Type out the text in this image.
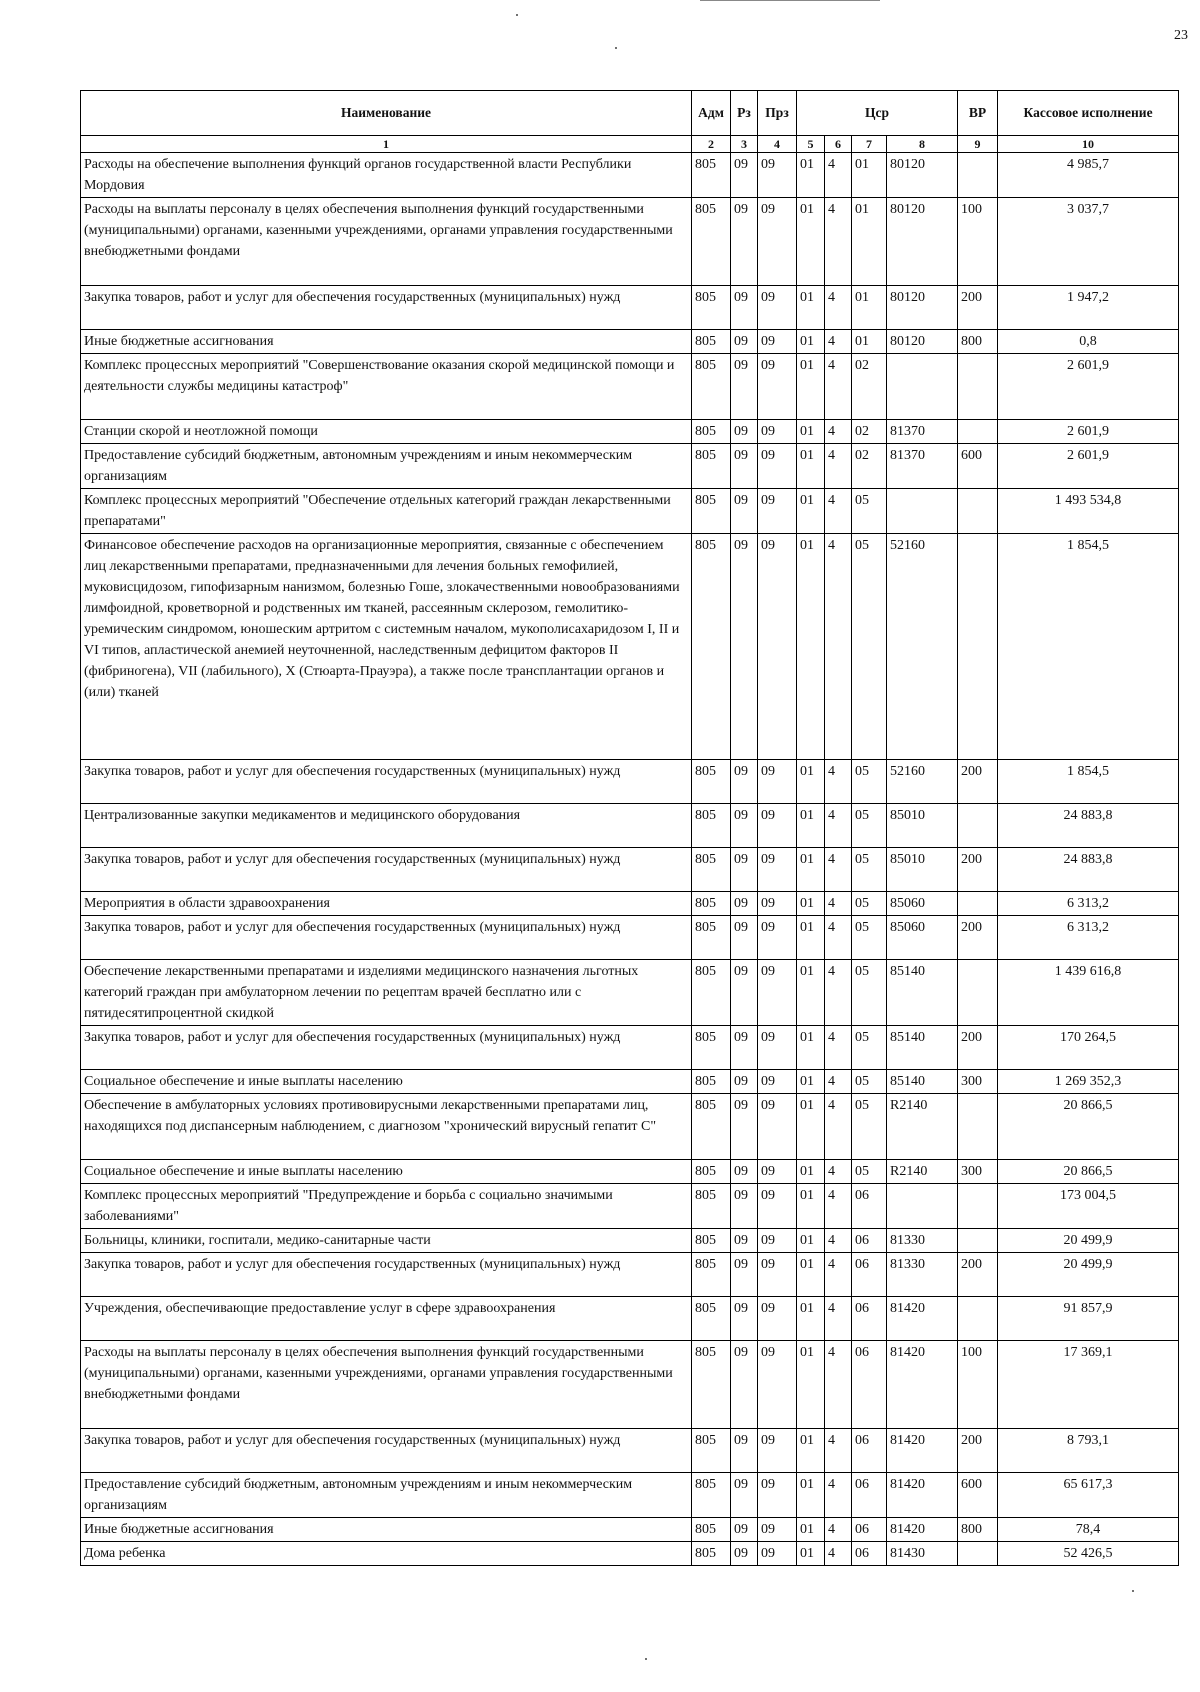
23
Наименование	Адм	Рз	Прз	Цср				ВР	Кассовое исполнение
1	2	3	4	5	6	7	8	9	10
Расходы на обеспечение выполнения функций органов государственной власти Республики Мордовия	805	09	09	01	4	01	80120		4 985,7
Расходы на выплаты персоналу в целях обеспечения выполнения функций государственными (муниципальными) органами, казенными учреждениями, органами управления государственными внебюджетными фондами	805	09	09	01	4	01	80120	100	3 037,7
Закупка товаров, работ и услуг для обеспечения государственных (муниципальных) нужд	805	09	09	01	4	01	80120	200	1 947,2
Иные бюджетные ассигнования	805	09	09	01	4	01	80120	800	0,8
Комплекс процессных мероприятий "Совершенствование оказания скорой медицинской помощи и деятельности службы медицины катастроф"	805	09	09	01	4	02			2 601,9
Станции скорой и неотложной помощи	805	09	09	01	4	02	81370		2 601,9
Предоставление субсидий бюджетным, автономным учреждениям и иным некоммерческим организациям	805	09	09	01	4	02	81370	600	2 601,9
Комплекс процессных мероприятий "Обеспечение отдельных категорий граждан лекарственными препаратами"	805	09	09	01	4	05			1 493 534,8
Финансовое обеспечение расходов на организационные мероприятия, связанные с обеспечением лиц лекарственными препаратами, предназначенными для лечения больных гемофилией, муковисцидозом, гипофизарным нанизмом, болезнью Гоше, злокачественными новообразованиями лимфоидной, кроветворной и родственных им тканей, рассеянным склерозом, гемолитико-уремическим синдромом, юношеским артритом с системным началом, мукополисахаридозом I, II и VI типов, апластической анемией неуточненной, наследственным дефицитом факторов II (фибриногена), VII (лабильного), X (Стюарта-Прауэра), а также после трансплантации органов и (или) тканей	805	09	09	01	4	05	52160		1 854,5
Закупка товаров, работ и услуг для обеспечения государственных (муниципальных) нужд	805	09	09	01	4	05	52160	200	1 854,5
Централизованные закупки медикаментов и медицинского оборудования	805	09	09	01	4	05	85010		24 883,8
Закупка товаров, работ и услуг для обеспечения государственных (муниципальных) нужд	805	09	09	01	4	05	85010	200	24 883,8
Мероприятия в области здравоохранения	805	09	09	01	4	05	85060		6 313,2
Закупка товаров, работ и услуг для обеспечения государственных (муниципальных) нужд	805	09	09	01	4	05	85060	200	6 313,2
Обеспечение лекарственными препаратами и изделиями медицинского назначения льготных категорий граждан при амбулаторном лечении по рецептам врачей бесплатно или с пятидесятипроцентной скидкой	805	09	09	01	4	05	85140		1 439 616,8
Закупка товаров, работ и услуг для обеспечения государственных (муниципальных) нужд	805	09	09	01	4	05	85140	200	170 264,5
Социальное обеспечение и иные выплаты населению	805	09	09	01	4	05	85140	300	1 269 352,3
Обеспечение в амбулаторных условиях противовирусными лекарственными препаратами лиц, находящихся под диспансерным наблюдением, с диагнозом "хронический вирусный гепатит С"	805	09	09	01	4	05	R2140		20 866,5
Социальное обеспечение и иные выплаты населению	805	09	09	01	4	05	R2140	300	20 866,5
Комплекс процессных мероприятий "Предупреждение и борьба с социально значимыми заболеваниями"	805	09	09	01	4	06			173 004,5
Больницы, клиники, госпитали, медико-санитарные части	805	09	09	01	4	06	81330		20 499,9
Закупка товаров, работ и услуг для обеспечения государственных (муниципальных) нужд	805	09	09	01	4	06	81330	200	20 499,9
Учреждения, обеспечивающие предоставление услуг в сфере здравоохранения	805	09	09	01	4	06	81420		91 857,9
Расходы на выплаты персоналу в целях обеспечения выполнения функций государственными (муниципальными) органами, казенными учреждениями, органами управления государственными внебюджетными фондами	805	09	09	01	4	06	81420	100	17 369,1
Закупка товаров, работ и услуг для обеспечения государственных (муниципальных) нужд	805	09	09	01	4	06	81420	200	8 793,1
Предоставление субсидий бюджетным, автономным учреждениям и иным некоммерческим организациям	805	09	09	01	4	06	81420	600	65 617,3
Иные бюджетные ассигнования	805	09	09	01	4	06	81420	800	78,4
Дома ребенка	805	09	09	01	4	06	81430		52 426,5
